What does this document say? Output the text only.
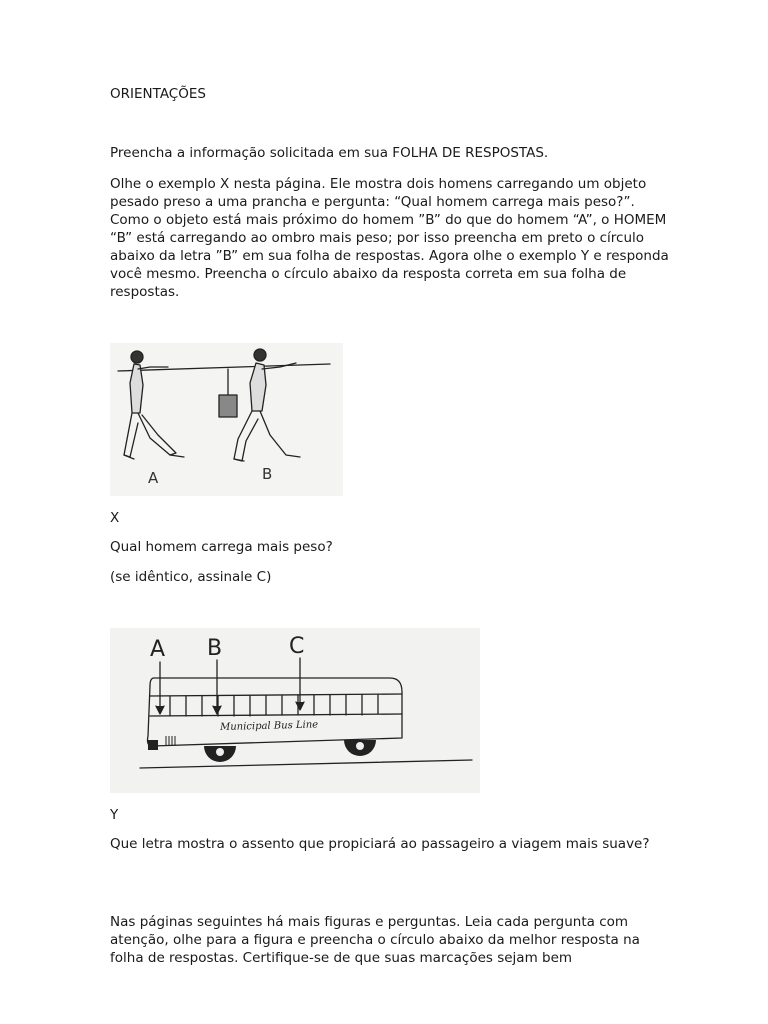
ORIENTAÇÕES

Preencha a informação solicitada em sua FOLHA DE RESPOSTAS.

Olhe o exemplo X nesta página. Ele mostra dois homens carregando um objeto pesado preso a uma prancha e pergunta: “Qual homem carrega mais peso?”. Como o objeto está mais próximo do homem ”B” do que do homem “A”, o HOMEM “B” está carregando ao ombro mais peso; por isso preencha em preto o círculo abaixo da letra ”B” em sua folha de respostas. Agora olhe o exemplo Y e responda você mesmo. Preencha o círculo abaixo da resposta correta em sua folha de respostas.

A	B

X

Qual homem carrega mais peso?

(se idêntico, assinale C)

A B	C
Municipal Bus Line

Y

Que letra mostra o assento que propiciará ao passageiro a viagem mais suave?

Nas páginas seguintes há mais figuras e perguntas. Leia cada pergunta com atenção, olhe para a figura e preencha o círculo abaixo da melhor resposta na folha de respostas. Certifique-se de que suas marcações sejam bem
